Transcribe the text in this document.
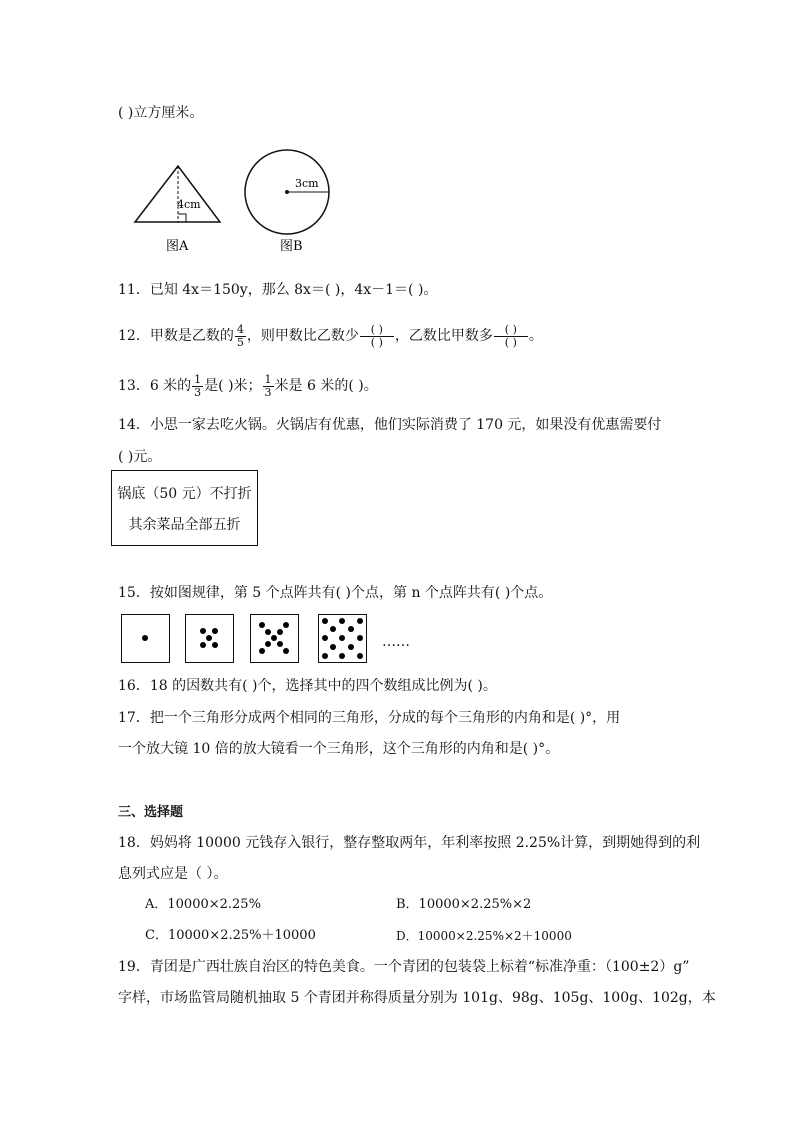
( )立方厘米。
4cm
图A
3cm
图B
11．已知 4x＝150y，那么 8x＝( )，4x－1＝( )。
12．甲数是乙数的 $\frac{4}{5}$ ，则甲数比乙数少 $\frac{( )}{( )}$ ，乙数比甲数多 $\frac{( )}{( )}$ 。
13．6 米的 $\frac{1}{3}$ 是( )米； $\frac{1}{3}$ 米是 6 米的( )。
14．小思一家去吃火锅。火锅店有优惠，他们实际消费了 170 元，如果没有优惠需要付
( )元。
锅底（50 元）不打折
其余菜品全部五折
15．按如图规律，第 5 个点阵共有( )个点，第 n 个点阵共有( )个点。
……
16．18 的因数共有( )个，选择其中的四个数组成比例为( )。
17．把一个三角形分成两个相同的三角形，分成的每个三角形的内角和是( )°，用
一个放大镜 10 倍的放大镜看一个三角形，这个三角形的内角和是( )°。
三、选择题
18．妈妈将 10000 元钱存入银行，整存整取两年，年利率按照 2.25%计算，到期她得到的利
息列式应是（ ）。
A．10000×2.25%	B．10000×2.25%×2
C．10000×2.25%＋10000	D．10000×2.25%×2＋10000
19．青团是广西壮族自治区的特色美食。一个青团的包装袋上标着“标准净重：（100±2）g”
字样，市场监管局随机抽取 5 个青团并称得质量分别为 101g、98g、105g、100g、102g，本
